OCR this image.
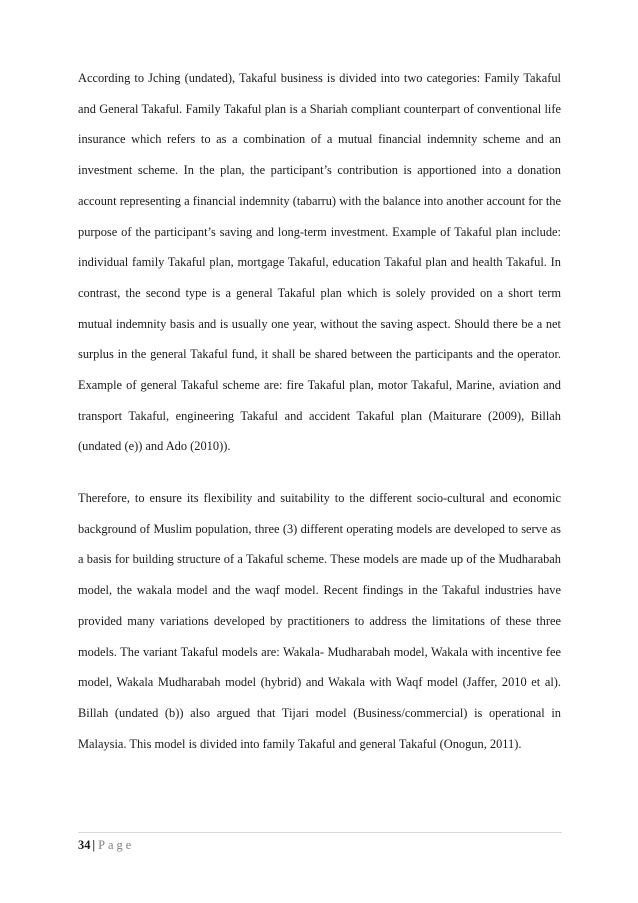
According to Jching (undated), Takaful business is divided into two categories: Family Takaful and General Takaful. Family Takaful plan is a Shariah compliant counterpart of conventional life insurance which refers to as a combination of a mutual financial indemnity scheme and an investment scheme. In the plan, the participant’s contribution is apportioned into a donation account representing a financial indemnity (tabarru) with the balance into another account for the purpose of the participant’s saving and long-term investment. Example of Takaful plan include: individual family Takaful plan, mortgage Takaful, education Takaful plan and health Takaful. In contrast, the second type is a general Takaful plan which is solely provided on a short term mutual indemnity basis and is usually one year, without the saving aspect. Should there be a net surplus in the general Takaful fund, it shall be shared between the participants and the operator. Example of general Takaful scheme are: fire Takaful plan, motor Takaful, Marine, aviation and transport Takaful, engineering Takaful and accident Takaful plan (Maiturare (2009), Billah (undated (e)) and Ado (2010)).

Therefore, to ensure its flexibility and suitability to the different socio-cultural and economic background of Muslim population, three (3) different operating models are developed to serve as a basis for building structure of a Takaful scheme. These models are made up of the Mudharabah model, the wakala model and the waqf model. Recent findings in the Takaful industries have provided many variations developed by practitioners to address the limitations of these three models. The variant Takaful models are: Wakala- Mudharabah model, Wakala with incentive fee model, Wakala Mudharabah model (hybrid) and Wakala with Waqf model (Jaffer, 2010 et al). Billah (undated (b)) also argued that Tijari model (Business/commercial) is operational in Malaysia. This model is divided into family Takaful and general Takaful (Onogun, 2011).

34 | Page
